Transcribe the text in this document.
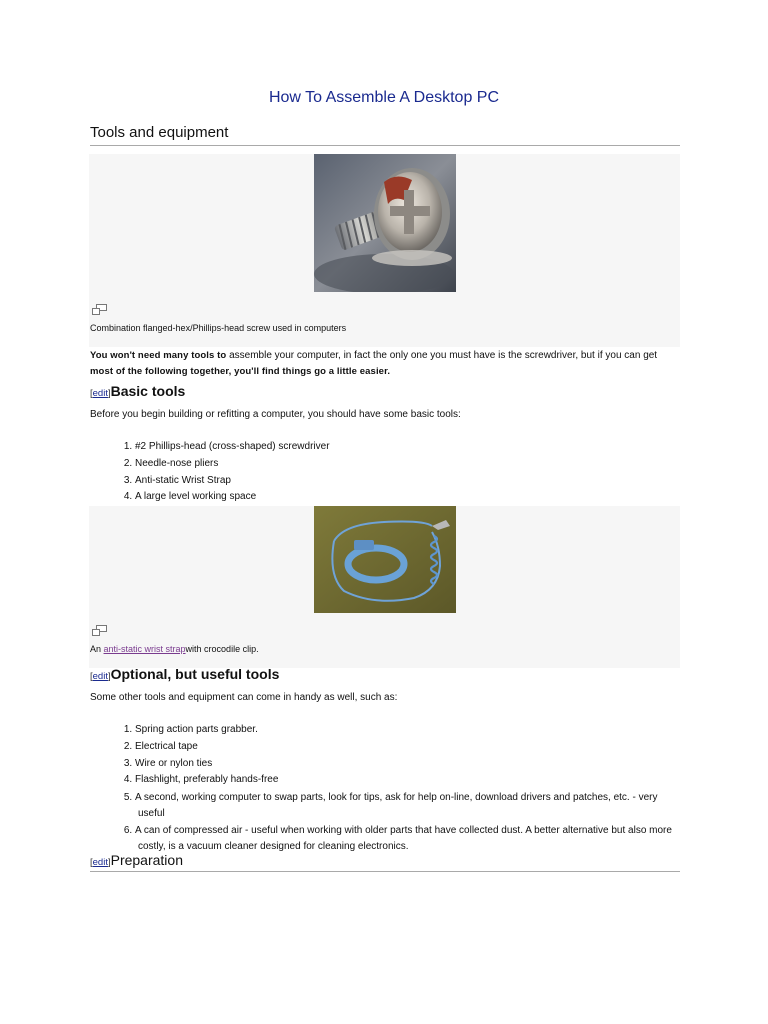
How To Assemble A Desktop PC
Tools and equipment
Combination flanged-hex/Phillips-head screw used in computers
You won't need many tools to assemble your computer, in fact the only one you must have is the screwdriver, but if you can get
most of the following together, you'll find things go a little easier.
[edit]Basic tools
Before you begin building or refitting a computer, you should have some basic tools:
1. #2 Phillips-head (cross-shaped) screwdriver
2. Needle-nose pliers
3. Anti-static Wrist Strap
4. A large level working space
An anti-static wrist strapwith crocodile clip.
[edit]Optional, but useful tools
Some other tools and equipment can come in handy as well, such as:
1. Spring action parts grabber.
2. Electrical tape
3. Wire or nylon ties
4. Flashlight, preferably hands-free
5. A second, working computer to swap parts, look for tips, ask for help on-line, download drivers and patches, etc. - very
useful
6. A can of compressed air - useful when working with older parts that have collected dust. A better alternative but also more
costly, is a vacuum cleaner designed for cleaning electronics.
[edit]Preparation
